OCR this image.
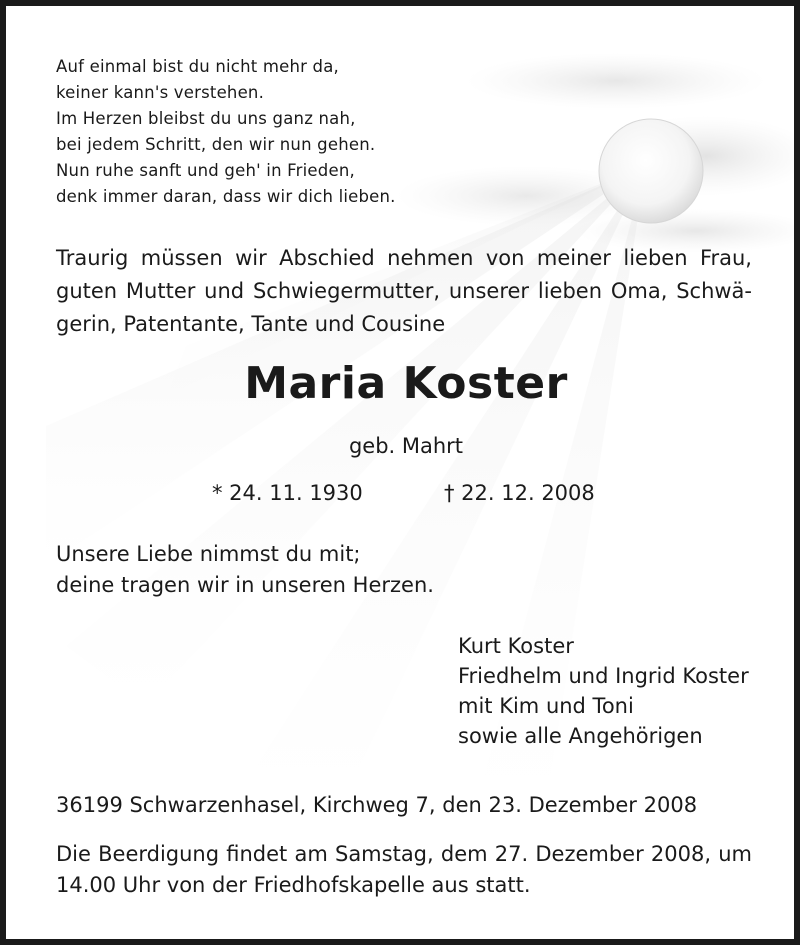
Auf einmal bist du nicht mehr da,
keiner kann's verstehen.
Im Herzen bleibst du uns ganz nah,
bei jedem Schritt, den wir nun gehen.
Nun ruhe sanft und geh' in Frieden,
denk immer daran, dass wir dich lieben.
Traurig müssen wir Abschied nehmen von meiner lieben Frau,
guten Mutter und Schwiegermutter, unserer lieben Oma, Schwä-
gerin, Patentante, Tante und Cousine
Maria Koster
geb. Mahrt
* 24. 11. 1930	† 22. 12. 2008
Unsere Liebe nimmst du mit;
deine tragen wir in unseren Herzen.
Kurt Koster
Friedhelm und Ingrid Koster
mit Kim und Toni
sowie alle Angehörigen
36199 Schwarzenhasel, Kirchweg 7, den 23. Dezember 2008
Die Beerdigung findet am Samstag, dem 27. Dezember 2008, um
14.00 Uhr von der Friedhofskapelle aus statt.
